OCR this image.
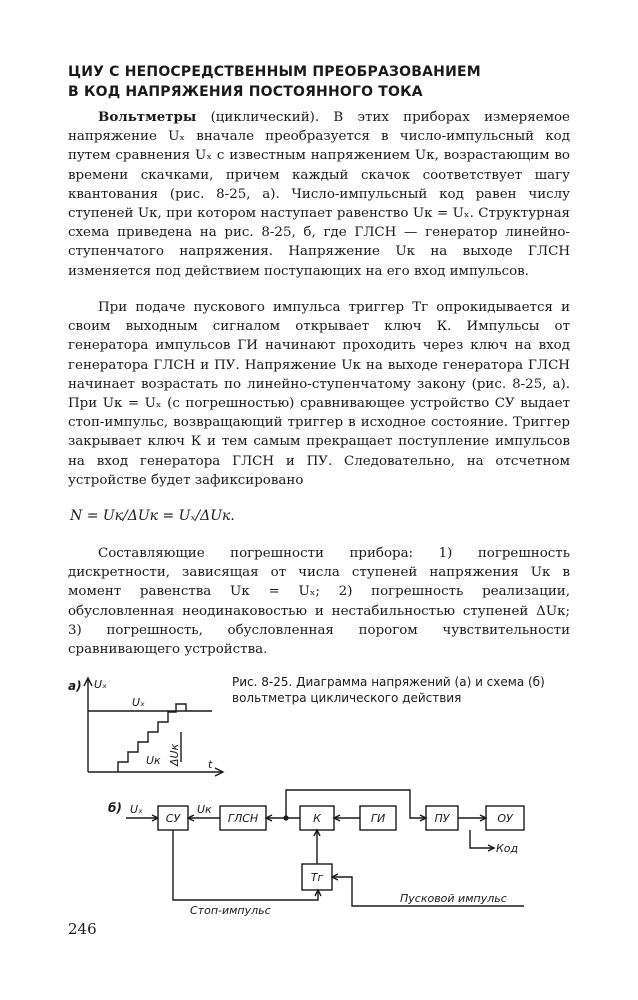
ЦИУ С НЕПОСРЕДСТВЕННЫМ ПРЕОБРАЗОВАНИЕМ
В КОД НАПРЯЖЕНИЯ ПОСТОЯННОГО ТОКА

Вольтметры (циклический). В этих приборах измеряемое напряжение Uₓ вначале преобразуется в число-импульсный код путем сравнения Uₓ с известным напряжением Uк, возрастающим во времени скачками, причем каждый скачок соответствует шагу квантования (рис. 8-25, а). Число-импульсный код равен числу ступеней Uк, при котором наступает равенство Uк = Uₓ. Структурная схема приведена на рис. 8-25, б, где ГЛСН — генератор линейно-ступенчатого напряжения. Напряжение Uк на выходе ГЛСН изменяется под действием поступающих на его вход импульсов.

При подаче пускового импульса триггер Тг опрокидывается и своим выходным сигналом открывает ключ К. Импульсы от генератора импульсов ГИ начинают проходить через ключ на вход генератора ГЛСН и ПУ. Напряжение Uк на выходе генератора ГЛСН начинает возрастать по линейно-ступенчатому закону (рис. 8-25, а). При Uк = Uₓ (с погрешностью) сравнивающее устройство СУ выдает стоп-импульс, возвращающий триггер в исходное состояние. Триггер закрывает ключ К и тем самым прекращает поступление импульсов на вход генератора ГЛСН и ПУ. Следовательно, на отсчетном устройстве будет зафиксировано

N = Uк/ΔUк = Uₓ/ΔUк.

Составляющие погрешности прибора: 1) погрешность дискретности, зависящая от числа ступеней напряжения Uк в момент равенства Uк = Uₓ; 2) погрешность реализации, обусловленная неодинаковостью и нестабильностью ступеней ΔUк; 3) погрешность, обусловленная порогом чувствительности сравнивающего устройства.

Рис. 8-25. Диаграмма напряжений (а) и схема (б) вольтметра циклического действия
а) Uₓ
Uₓ
Uк ΔUк t
б) Uₓ
СУ	ГЛСН	К	ГИ	ПУ	ОУ
Тг
Uк
Код
Стоп-импульс
Пусковой импульс
246
